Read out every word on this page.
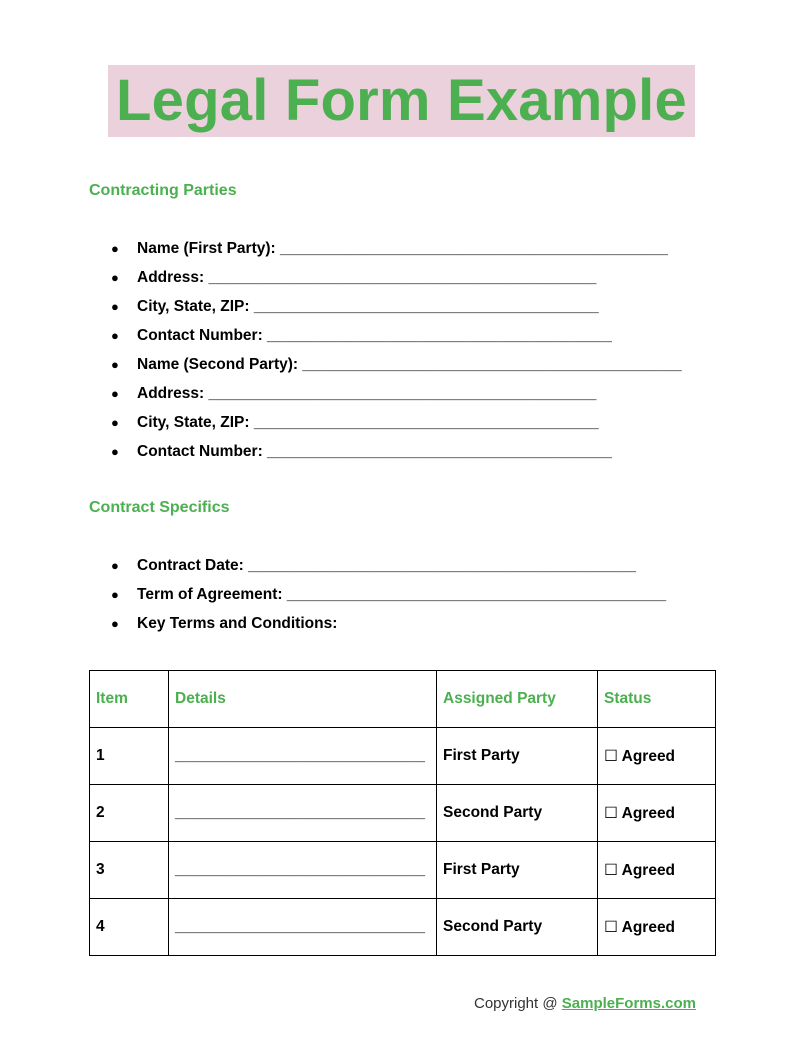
Legal Form Example
Contracting Parties
● Name (First Party): _____________________________________________
● Address: _____________________________________________
● City, State, ZIP: ________________________________________
● Contact Number: ________________________________________
● Name (Second Party): ____________________________________________
● Address: _____________________________________________
● City, State, ZIP: ________________________________________
● Contact Number: ________________________________________
Contract Specifics
● Contract Date: _____________________________________________
● Term of Agreement: ____________________________________________
● Key Terms and Conditions:
Item	Details	Assigned Party	Status
1	_____________________________	First Party	☐ Agreed
2	_____________________________	Second Party	☐ Agreed
3	_____________________________	First Party	☐ Agreed
4	_____________________________	Second Party	☐ Agreed
Copyright @ SampleForms.com
